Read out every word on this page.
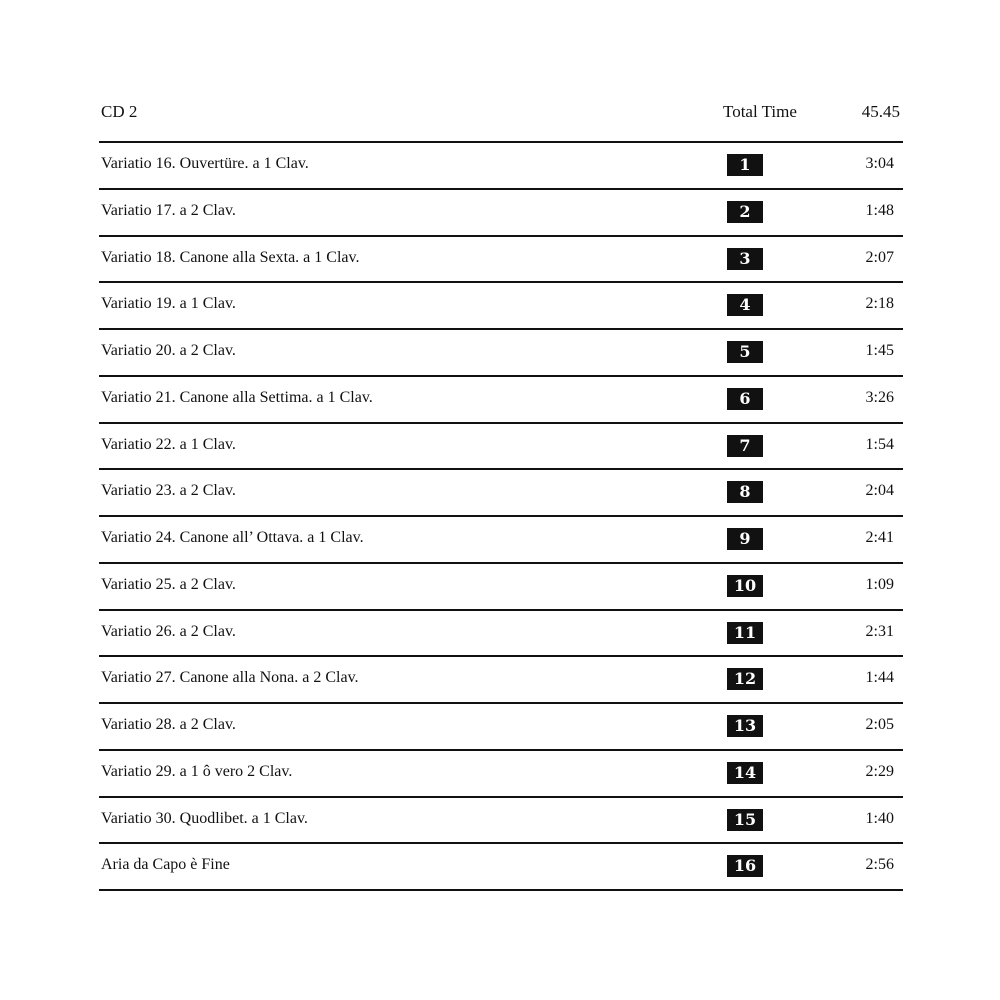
CD 2	Total Time	45.45
Variatio 16. Ouvertüre. a 1 Clav.	1	3:04
Variatio 17. a 2 Clav.	2	1:48
Variatio 18. Canone alla Sexta. a 1 Clav.	3	2:07
Variatio 19. a 1 Clav.	4	2:18
Variatio 20. a 2 Clav.	5	1:45
Variatio 21. Canone alla Settima. a 1 Clav.	6	3:26
Variatio 22. a 1 Clav.	7	1:54
Variatio 23. a 2 Clav.	8	2:04
Variatio 24. Canone all’ Ottava. a 1 Clav.	9	2:41
Variatio 25. a 2 Clav.	10	1:09
Variatio 26. a 2 Clav.	11	2:31
Variatio 27. Canone alla Nona. a 2 Clav.	12	1:44
Variatio 28. a 2 Clav.	13	2:05
Variatio 29. a 1 ô vero 2 Clav.	14	2:29
Variatio 30. Quodlibet. a 1 Clav.	15	1:40
Aria da Capo è Fine	16	2:56
